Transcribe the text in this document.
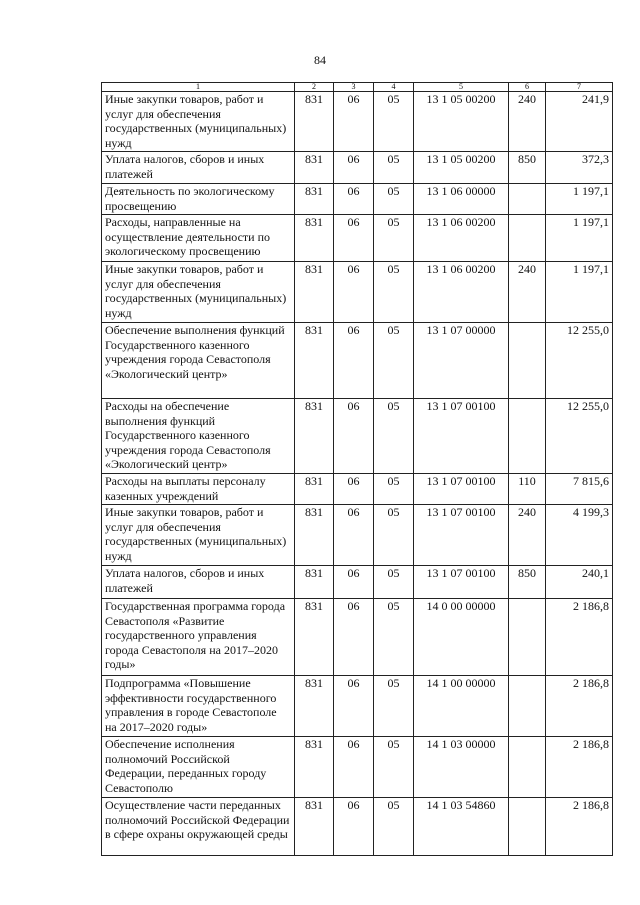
84
1	2	3	4	5	6	7
Иные закупки товаров, работ и услуг для обеспечения государственных (муниципальных) нужд	831	06	05	13 1 05 00200	240	241,9
Уплата налогов, сборов и иных платежей	831	06	05	13 1 05 00200	850	372,3
Деятельность по экологическому просвещению	831	06	05	13 1 06 00000		1 197,1
Расходы, направленные на осуществление деятельности по экологическому просвещению	831	06	05	13 1 06 00200		1 197,1
Иные закупки товаров, работ и услуг для обеспечения государственных (муниципальных) нужд	831	06	05	13 1 06 00200	240	1 197,1
Обеспечение выполнения функций Государственного казенного учреждения города Севастополя «Экологический центр»	831	06	05	13 1 07 00000		12 255,0
Расходы на обеспечение выполнения функций Государственного казенного учреждения города Севастополя «Экологический центр»	831	06	05	13 1 07 00100		12 255,0
Расходы на выплаты персоналу казенных учреждений	831	06	05	13 1 07 00100	110	7 815,6
Иные закупки товаров, работ и услуг для обеспечения государственных (муниципальных) нужд	831	06	05	13 1 07 00100	240	4 199,3
Уплата налогов, сборов и иных платежей	831	06	05	13 1 07 00100	850	240,1
Государственная программа города Севастополя «Развитие государственного управления города Севастополя на 2017–2020 годы»	831	06	05	14 0 00 00000		2 186,8
Подпрограмма «Повышение эффективности государственного управления в городе Севастополе на 2017–2020 годы»	831	06	05	14 1 00 00000		2 186,8
Обеспечение исполнения полномочий Российской Федерации, переданных городу Севастополю	831	06	05	14 1 03 00000		2 186,8
Осуществление части переданных полномочий Российской Федерации в сфере охраны окружающей среды	831	06	05	14 1 03 54860		2 186,8
